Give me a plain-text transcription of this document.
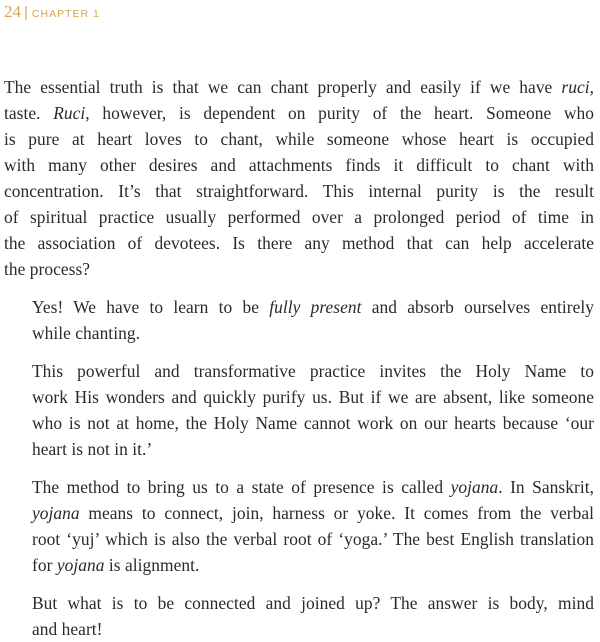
24 | CHAPTER 1

The essential truth is that we can chant properly and easily if we have ruci,
taste. Ruci, however, is dependent on purity of the heart. Someone who
is pure at heart loves to chant, while someone whose heart is occupied
with many other desires and attachments finds it difficult to chant with
concentration. It’s that straightforward. This internal purity is the result
of spiritual practice usually performed over a prolonged period of time in
the association of devotees. Is there any method that can help accelerate
the process?

Yes! We have to learn to be fully present and absorb ourselves entirely
while chanting.

This powerful and transformative practice invites the Holy Name to
work His wonders and quickly purify us. But if we are absent, like someone
who is not at home, the Holy Name cannot work on our hearts because ‘our
heart is not in it.’

The method to bring us to a state of presence is called yojana. In Sanskrit,
yojana means to connect, join, harness or yoke. It comes from the verbal
root ‘yuj’ which is also the verbal root of ‘yoga.’ The best English translation
for yojana is alignment.

But what is to be connected and joined up? The answer is body, mind
and heart!
